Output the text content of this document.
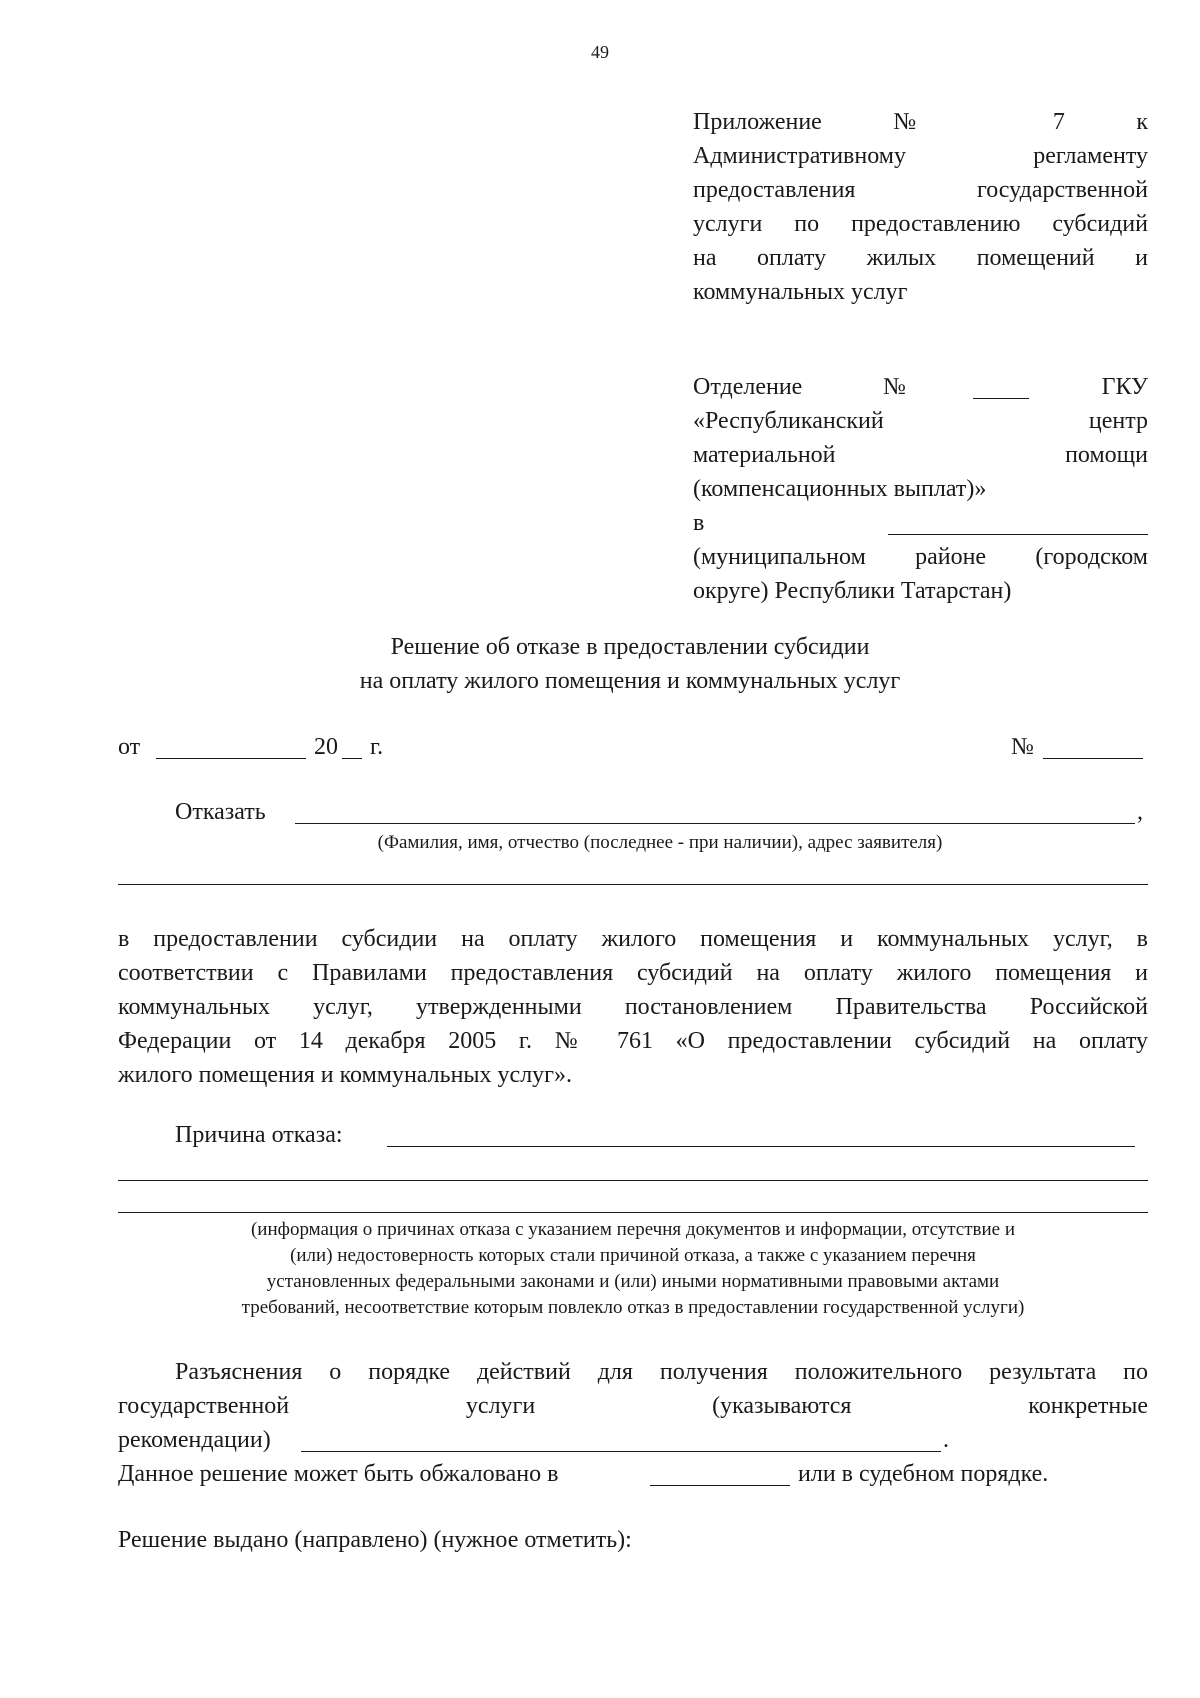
49
Приложение № 7 к
Административному регламенту
предоставления государственной
услуги по предоставлению субсидий
на оплату жилых помещений и
коммунальных услуг
Отделение	№	ГКУ
«Республиканский центр
материальной помощи
(компенсационных выплат)»
в
(муниципальном районе (городском
округе) Республики Татарстан)
Решение об отказе в предоставлении субсидии
на оплату жилого помещения и коммунальных услуг
от	20 г.	№
Отказать	,
(Фамилия, имя, отчество (последнее - при наличии), адрес заявителя)
в предоставлении субсидии на оплату жилого помещения и коммунальных услуг, в
соответствии с Правилами предоставления субсидий на оплату жилого помещения и
коммунальных услуг, утвержденными постановлением Правительства Российской
Федерации от 14 декабря 2005 г. № 761 «О предоставлении субсидий на оплату
жилого помещения и коммунальных услуг».
Причина отказа:
(информация о причинах отказа с указанием перечня документов и информации, отсутствие и
(или) недостоверность которых стали причиной отказа, а также с указанием перечня
установленных федеральными законами и (или) иными нормативными правовыми актами
требований, несоответствие которым повлекло отказ в предоставлении государственной услуги)
Разъяснения о порядке действий для получения положительного результата по
государственной услуги (указываются конкретные
рекомендации)	.
Данное решение может быть обжаловано в	или в судебном порядке.
Решение выдано (направлено) (нужное отметить):
